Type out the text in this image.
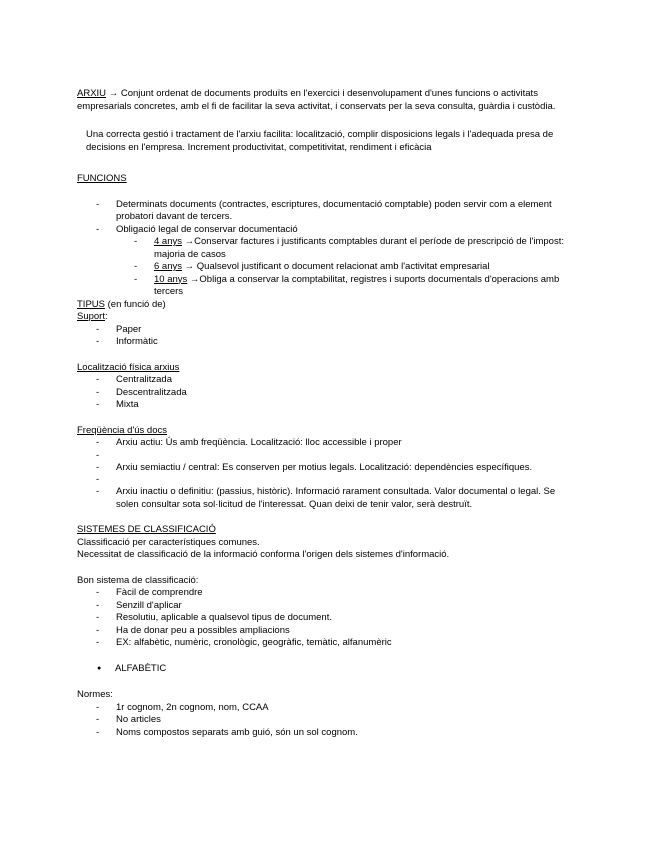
ARXIU → Conjunt ordenat de documents produïts en l'exercici i desenvolupament d'unes funcions o activitats empresarials concretes, amb el fi de facilitar la seva activitat, i conservats per la seva consulta, guàrdia i custòdia.

Una correcta gestió i tractament de l'arxiu facilita: localització, complir disposicions legals i l'adequada presa de decisions en l'empresa. Increment productivitat, competitivitat, rendiment i eficàcia

FUNCIONS

- Determinats documents (contractes, escriptures, documentació comptable) poden servir com a element probatori davant de tercers.
- Obligació legal de conservar documentació
- 4 anys →Conservar factures i justificants comptables durant el període de prescripció de l'impost: majoria de casos
- 6 anys → Qualsevol justificant o document relacionat amb l'activitat empresarial
- 10 anys →Obliga a conservar la comptabilitat, registres i suports documentals d'operacions amb tercers

TIPUS (en funció de)

Suport:

- Paper
- Informàtic

Localització física arxius

- Centralitzada
- Descentralitzada
- Mixta

Freqüència d'ús docs

- Arxiu actiu: Ús amb freqüència. Localització: lloc accessible i proper
-
- Arxiu semiactiu / central: Es conserven per motius legals. Localització: dependències específiques.
-
- Arxiu inactiu o definitiu: (passius, històric). Informació rarament consultada. Valor documental o legal. Se solen consultar sota sol·licitud de l'interessat. Quan deixi de tenir valor, serà destruït.

SISTEMES DE CLASSIFICACIÓ

Classificació per característiques comunes.

Necessitat de classificació de la informació conforma l'origen dels sistemes d'informació.

Bon sistema de classificació:

- Fàcil de comprendre
- Senzill d'aplicar
- Resolutiu, aplicable a qualsevol tipus de document.
- Ha de donar peu a possibles ampliacions
- EX: alfabètic, numèric, cronològic, geogràfic, temàtic, alfanumèric

● ALFABÈTIC

Normes:

- 1r cognom, 2n cognom, nom, CCAA
- No articles
- Noms compostos separats amb guió, són un sol cognom.
